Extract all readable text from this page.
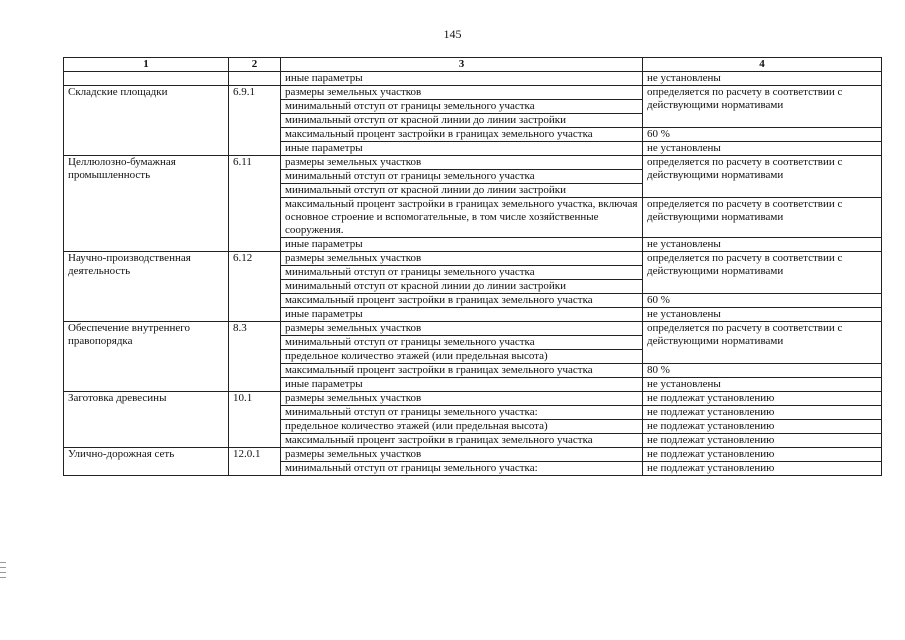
145
1	2	3	4
		иные параметры	не установлены
Складские площадки	6.9.1	размеры земельных участков	определяется по расчету в соответствии с действующими нормативами
		минимальный отступ от границы земельного участка	
		минимальный отступ от красной линии до линии застройки	
		максимальный процент застройки в границах земельного участка	60 %
		иные параметры	не установлены
Целлюлозно-бумажная промышленность	6.11	размеры земельных участков	определяется по расчету в соответствии с действующими нормативами
		минимальный отступ от границы земельного участка	
		минимальный отступ от красной линии до линии застройки	
		максимальный процент застройки в границах земельного участка, включая основное строение и вспомогательные, в том числе хозяйственные сооружения.	определяется по расчету в соответствии с действующими нормативами
		иные параметры	не установлены
Научно-производственная деятельность	6.12	размеры земельных участков	определяется по расчету в соответствии с действующими нормативами
		минимальный отступ от границы земельного участка	
		минимальный отступ от красной линии до линии застройки	
		максимальный процент застройки в границах земельного участка	60 %
		иные параметры	не установлены
Обеспечение внутреннего правопорядка	8.3	размеры земельных участков	определяется по расчету в соответствии с действующими нормативами
		минимальный отступ от границы земельного участка	
		предельное количество этажей (или предельная высота)	
		максимальный процент застройки в границах земельного участка	80 %
		иные параметры	не установлены
Заготовка древесины	10.1	размеры земельных участков	не подлежат установлению
		минимальный отступ от границы земельного участка:	не подлежат установлению
		предельное количество этажей (или предельная высота)	не подлежат установлению
		максимальный процент застройки в границах земельного участка	не подлежат установлению
Улично-дорожная сеть	12.0.1	размеры земельных участков	не подлежат установлению
		минимальный отступ от границы земельного участка:	не подлежат установлению
